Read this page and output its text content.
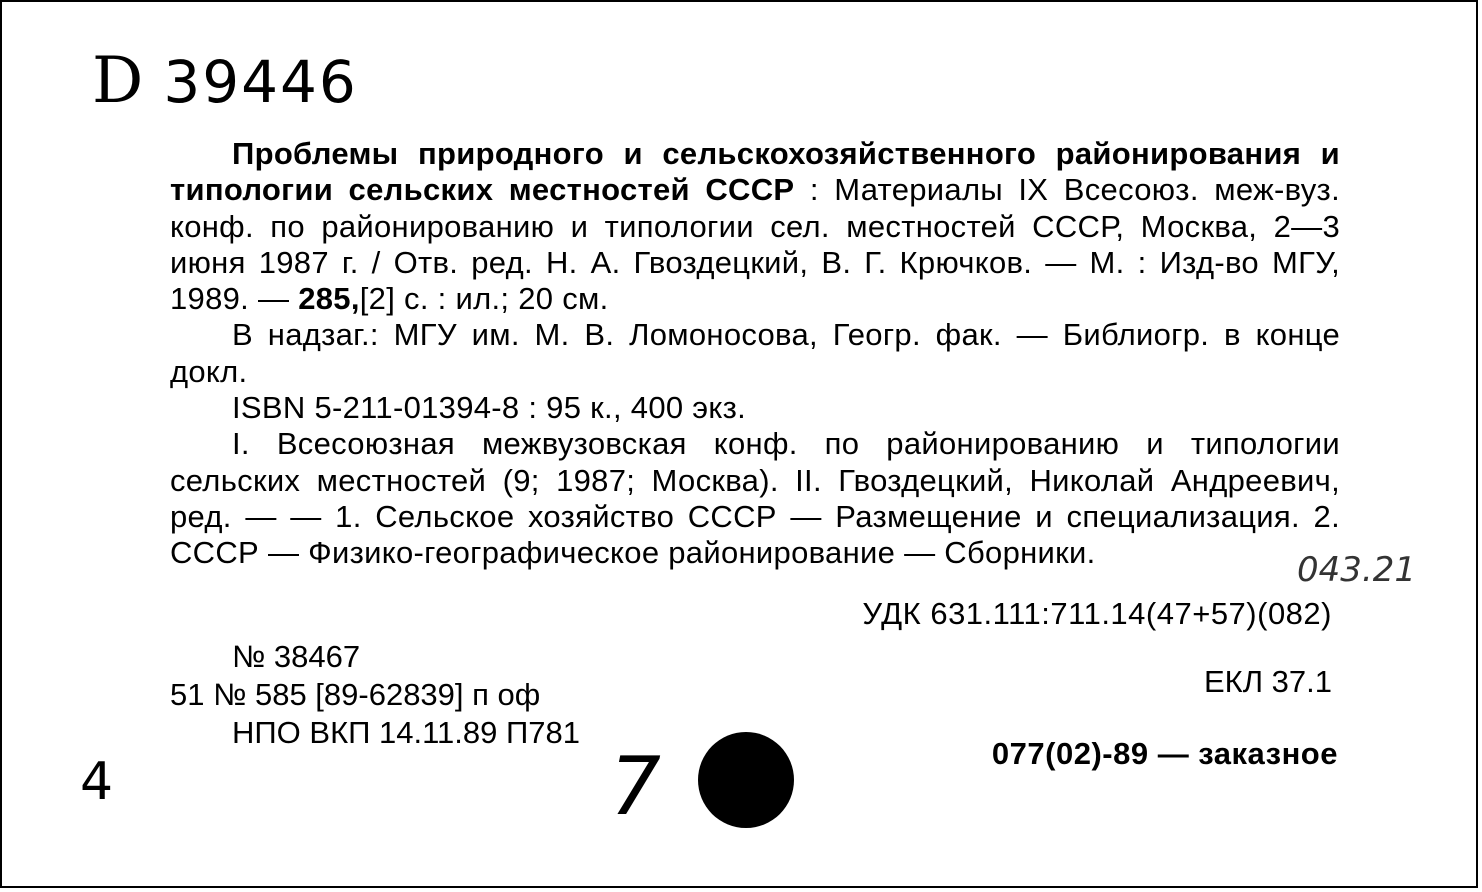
D 39446

Проблемы природного и сельскохозяйственного районирования и типологии сельских местностей СССР : Материалы IX Всесоюз. меж-вуз. конф. по районированию и типологии сел. местностей СССР, Москва, 2—3 июня 1987 г. / Отв. ред. Н. А. Гвоздецкий, В. Г. Крючков. — М. : Изд-во МГУ, 1989. — 285,[2] с. : ил.; 20 см.

В надзаг.: МГУ им. М. В. Ломоносова, Геогр. фак. — Библиогр. в конце докл.

ISBN 5-211-01394-8 : 95 к., 400 экз.

I. Всесоюзная межвузовская конф. по районированию и типологии сельских местностей (9; 1987; Москва). II. Гвоздецкий, Николай Андреевич, ред. — — 1. Сельское хозяйство СССР — Размещение и специализация. 2. СССР — Физико-географическое районирование — Сборники.	043.21
УДК 631.111:711.14(47+57)(082)
№ 38467
51 № 585 [89-62839] п оф
НПО ВКП 14.11.89 П781
ЕКЛ 37.1
077(02)-89 — заказное
4	7
